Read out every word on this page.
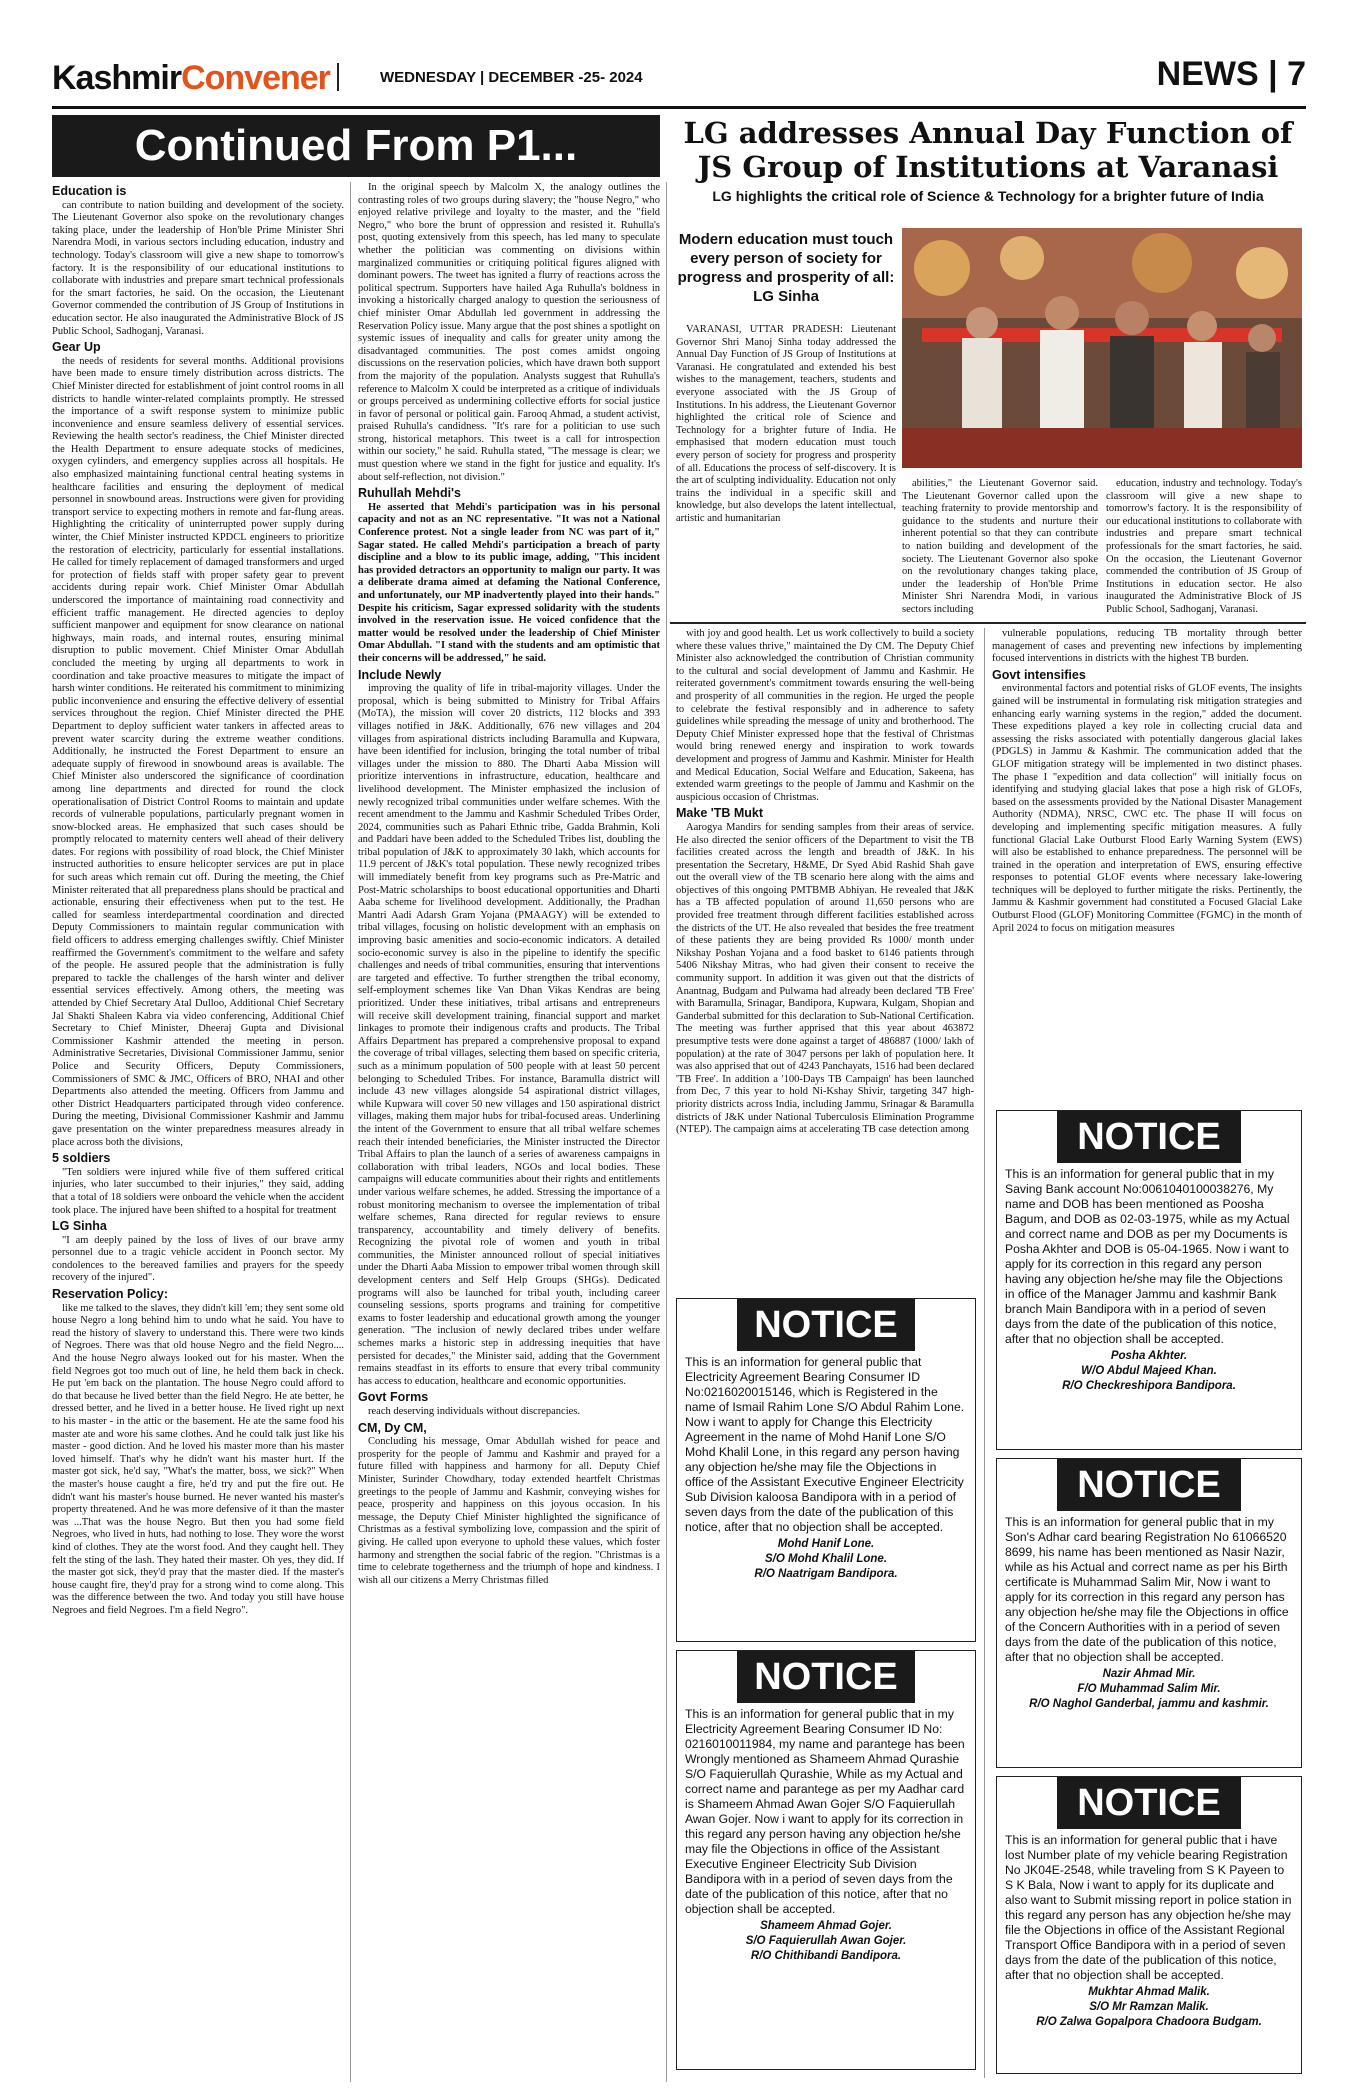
KashmirConvener	WEDNESDAY | DECEMBER -25- 2024	NEWS | 7
Continued From P1...	LG addresses Annual Day Function of JS Group of Institutions at Varanasi
LG highlights the critical role of Science & Technology for a brighter future of India
Education is

can contribute to nation building and development of the society. The Lieutenant Governor also spoke on the revolutionary changes taking place, under the leadership of Hon'ble Prime Minister Shri Narendra Modi, in various sectors including education, industry and technology. Today's classroom will give a new shape to tomorrow's factory. It is the responsibility of our educational institutions to collaborate with industries and prepare smart technical professionals for the smart factories, he said. On the occasion, the Lieutenant Governor commended the contribution of JS Group of Institutions in education sector. He also inaugurated the Administrative Block of JS Public School, Sadhoganj, Varanasi.

Gear Up

the needs of residents for several months. Additional provisions have been made to ensure timely distribution across districts. The Chief Minister directed for establishment of joint control rooms in all districts to handle winter-related complaints promptly. He stressed the importance of a swift response system to minimize public inconvenience and ensure seamless delivery of essential services. Reviewing the health sector's readiness, the Chief Minister directed the Health Department to ensure adequate stocks of medicines, oxygen cylinders, and emergency supplies across all hospitals. He also emphasized maintaining functional central heating systems in healthcare facilities and ensuring the deployment of medical personnel in snowbound areas. Instructions were given for providing transport service to expecting mothers in remote and far-flung areas. Highlighting the criticality of uninterrupted power supply during winter, the Chief Minister instructed KPDCL engineers to prioritize the restoration of electricity, particularly for essential installations. He called for timely replacement of damaged transformers and urged for protection of fields staff with proper safety gear to prevent accidents during repair work. Chief Minister Omar Abdullah underscored the importance of maintaining road connectivity and efficient traffic management. He directed agencies to deploy sufficient manpower and equipment for snow clearance on national highways, main roads, and internal routes, ensuring minimal disruption to public movement. Chief Minister Omar Abdullah concluded the meeting by urging all departments to work in coordination and take proactive measures to mitigate the impact of harsh winter conditions. He reiterated his commitment to minimizing public inconvenience and ensuring the effective delivery of essential services throughout the region. Chief Minister directed the PHE Department to deploy sufficient water tankers in affected areas to prevent water scarcity during the extreme weather conditions. Additionally, he instructed the Forest Department to ensure an adequate supply of firewood in snowbound areas is available. The Chief Minister also underscored the significance of coordination among line departments and directed for round the clock operationalisation of District Control Rooms to maintain and update records of vulnerable populations, particularly pregnant women in snow-blocked areas. He emphasized that such cases should be promptly relocated to maternity centers well ahead of their delivery dates. For regions with possibility of road block, the Chief Minister instructed authorities to ensure helicopter services are put in place for such areas which remain cut off. During the meeting, the Chief Minister reiterated that all preparedness plans should be practical and actionable, ensuring their effectiveness when put to the test. He called for seamless interdepartmental coordination and directed Deputy Commissioners to maintain regular communication with field officers to address emerging challenges swiftly. Chief Minister reaffirmed the Government's commitment to the welfare and safety of the people. He assured people that the administration is fully prepared to tackle the challenges of the harsh winter and deliver essential services effectively. Among others, the meeting was attended by Chief Secretary Atal Dulloo, Additional Chief Secretary Jal Shakti Shaleen Kabra via video conferencing, Additional Chief Secretary to Chief Minister, Dheeraj Gupta and Divisional Commissioner Kashmir attended the meeting in person. Administrative Secretaries, Divisional Commissioner Jammu, senior Police and Security Officers, Deputy Commissioners, Commissioners of SMC & JMC, Officers of BRO, NHAI and other Departments also attended the meeting. Officers from Jammu and other District Headquarters participated through video conference. During the meeting, Divisional Commissioner Kashmir and Jammu gave presentation on the winter preparedness measures already in place across both the divisions,

5 soldiers

"Ten soldiers were injured while five of them suffered critical injuries, who later succumbed to their injuries," they said, adding that a total of 18 soldiers were onboard the vehicle when the accident took place. The injured have been shifted to a hospital for treatment

LG Sinha

"I am deeply pained by the loss of lives of our brave army personnel due to a tragic vehicle accident in Poonch sector. My condolences to the bereaved families and prayers for the speedy recovery of the injured".

Reservation Policy:

like me talked to the slaves, they didn't kill 'em; they sent some old house Negro a long behind him to undo what he said. You have to read the history of slavery to understand this. There were two kinds of Negroes. There was that old house Negro and the field Negro.... And the house Negro always looked out for his master. When the field Negroes got too much out of line, he held them back in check. He put 'em back on the plantation. The house Negro could afford to do that because he lived better than the field Negro. He ate better, he dressed better, and he lived in a better house. He lived right up next to his master - in the attic or the basement. He ate the same food his master ate and wore his same clothes. And he could talk just like his master - good diction. And he loved his master more than his master loved himself. That's why he didn't want his master hurt. If the master got sick, he'd say, "What's the matter, boss, we sick?" When the master's house caught a fire, he'd try and put the fire out. He didn't want his master's house burned. He never wanted his master's property threatened. And he was more defensive of it than the master was ...That was the house Negro. But then you had some field Negroes, who lived in huts, had nothing to lose. They wore the worst kind of clothes. They ate the worst food. And they caught hell. They felt the sting of the lash. They hated their master. Oh yes, they did. If the master got sick, they'd pray that the master died. If the master's house caught fire, they'd pray for a strong wind to come along. This was the difference between the two. And today you still have house Negroes and field Negroes. I'm a field Negro".

In the original speech by Malcolm X, the analogy outlines the contrasting roles of two groups during slavery; the "house Negro," who enjoyed relative privilege and loyalty to the master, and the "field Negro," who bore the brunt of oppression and resisted it. Ruhulla's post, quoting extensively from this speech, has led many to speculate whether the politician was commenting on divisions within marginalized communities or critiquing political figures aligned with dominant powers. The tweet has ignited a flurry of reactions across the political spectrum. Supporters have hailed Aga Ruhulla's boldness in invoking a historically charged analogy to question the seriousness of chief minister Omar Abdullah led government in addressing the Reservation Policy issue. Many argue that the post shines a spotlight on systemic issues of inequality and calls for greater unity among the disadvantaged communities. The post comes amidst ongoing discussions on the reservation policies, which have drawn both support from the majority of the population. Analysts suggest that Ruhulla's reference to Malcolm X could be interpreted as a critique of individuals or groups perceived as undermining collective efforts for social justice in favor of personal or political gain. Farooq Ahmad, a student activist, praised Ruhulla's candidness. "It's rare for a politician to use such strong, historical metaphors. This tweet is a call for introspection within our society," he said. Ruhulla stated, "The message is clear; we must question where we stand in the fight for justice and equality. It's about self-reflection, not division."

Ruhullah Mehdi's

He asserted that Mehdi's participation was in his personal capacity and not as an NC representative. "It was not a National Conference protest. Not a single leader from NC was part of it," Sagar stated. He called Mehdi's participation a breach of party discipline and a blow to its public image, adding, "This incident has provided detractors an opportunity to malign our party. It was a deliberate drama aimed at defaming the National Conference, and unfortunately, our MP inadvertently played into their hands." Despite his criticism, Sagar expressed solidarity with the students involved in the reservation issue. He voiced confidence that the matter would be resolved under the leadership of Chief Minister Omar Abdullah. "I stand with the students and am optimistic that their concerns will be addressed," he said.

Include Newly

improving the quality of life in tribal-majority villages. Under the proposal, which is being submitted to Ministry for Tribal Affairs (MoTA), the mission will cover 20 districts, 112 blocks and 393 villages notified in J&K. Additionally, 676 new villages and 204 villages from aspirational districts including Baramulla and Kupwara, have been identified for inclusion, bringing the total number of tribal villages under the mission to 880. The Dharti Aaba Mission will prioritize interventions in infrastructure, education, healthcare and livelihood development. The Minister emphasized the inclusion of newly recognized tribal communities under welfare schemes. With the recent amendment to the Jammu and Kashmir Scheduled Tribes Order, 2024, communities such as Pahari Ethnic tribe, Gadda Brahmin, Koli and Paddari have been added to the Scheduled Tribes list, doubling the tribal population of J&K to approximately 30 lakh, which accounts for 11.9 percent of J&K's total population. These newly recognized tribes will immediately benefit from key programs such as Pre-Matric and Post-Matric scholarships to boost educational opportunities and Dharti Aaba scheme for livelihood development. Additionally, the Pradhan Mantri Aadi Adarsh Gram Yojana (PMAAGY) will be extended to tribal villages, focusing on holistic development with an emphasis on improving basic amenities and socio-economic indicators. A detailed socio-economic survey is also in the pipeline to identify the specific challenges and needs of tribal communities, ensuring that interventions are targeted and effective. To further strengthen the tribal economy, self-employment schemes like Van Dhan Vikas Kendras are being prioritized. Under these initiatives, tribal artisans and entrepreneurs will receive skill development training, financial support and market linkages to promote their indigenous crafts and products. The Tribal Affairs Department has prepared a comprehensive proposal to expand the coverage of tribal villages, selecting them based on specific criteria, such as a minimum population of 500 people with at least 50 percent belonging to Scheduled Tribes. For instance, Baramulla district will include 43 new villages alongside 54 aspirational district villages, while Kupwara will cover 50 new villages and 150 aspirational district villages, making them major hubs for tribal-focused areas. Underlining the intent of the Government to ensure that all tribal welfare schemes reach their intended beneficiaries, the Minister instructed the Director Tribal Affairs to plan the launch of a series of awareness campaigns in collaboration with tribal leaders, NGOs and local bodies. These campaigns will educate communities about their rights and entitlements under various welfare schemes, he added. Stressing the importance of a robust monitoring mechanism to oversee the implementation of tribal welfare schemes, Rana directed for regular reviews to ensure transparency, accountability and timely delivery of benefits. Recognizing the pivotal role of women and youth in tribal communities, the Minister announced rollout of special initiatives under the Dharti Aaba Mission to empower tribal women through skill development centers and Self Help Groups (SHGs). Dedicated programs will also be launched for tribal youth, including career counseling sessions, sports programs and training for competitive exams to foster leadership and educational growth among the younger generation. "The inclusion of newly declared tribes under welfare schemes marks a historic step in addressing inequities that have persisted for decades," the Minister said, adding that the Government remains steadfast in its efforts to ensure that every tribal community has access to education, healthcare and economic opportunities.

Govt Forms

reach deserving individuals without discrepancies.

CM, Dy CM,

Concluding his message, Omar Abdullah wished for peace and prosperity for the people of Jammu and Kashmir and prayed for a future filled with happiness and harmony for all. Deputy Chief Minister, Surinder Chowdhary, today extended heartfelt Christmas greetings to the people of Jammu and Kashmir, conveying wishes for peace, prosperity and happiness on this joyous occasion. In his message, the Deputy Chief Minister highlighted the significance of Christmas as a festival symbolizing love, compassion and the spirit of giving. He called upon everyone to uphold these values, which foster harmony and strengthen the social fabric of the region. "Christmas is a time to celebrate togetherness and the triumph of hope and kindness. I wish all our citizens a Merry Christmas filled

Modern education must touch every person of society for progress and prosperity of all: LG Sinha

VARANASI, UTTAR PRADESH: Lieutenant Governor Shri Manoj Sinha today addressed the Annual Day Function of JS Group of Institutions at Varanasi. He congratulated and extended his best wishes to the management, teachers, students and everyone associated with the JS Group of Institutions. In his address, the Lieutenant Governor highlighted the critical role of Science and Technology for a brighter future of India. He emphasised that modern education must touch every person of society for progress and prosperity of all. Educations the process of self-discovery. It is the art of sculpting individuality. Education not only trains the individual in a specific skill and knowledge, but also develops the latent intellectual, artistic and humanitarian

abilities," the Lieutenant Governor said. The Lieutenant Governor called upon the teaching fraternity to provide mentorship and guidance to the students and nurture their inherent potential so that they can contribute to nation building and development of the society. The Lieutenant Governor also spoke on the revolutionary changes taking place, under the leadership of Hon'ble Prime Minister Shri Narendra Modi, in various sectors including

education, industry and technology. Today's classroom will give a new shape to tomorrow's factory. It is the responsibility of our educational institutions to collaborate with industries and prepare smart technical professionals for the smart factories, he said. On the occasion, the Lieutenant Governor commended the contribution of JS Group of Institutions in education sector. He also inaugurated the Administrative Block of JS Public School, Sadhoganj, Varanasi.

with joy and good health. Let us work collectively to build a society where these values thrive," maintained the Dy CM. The Deputy Chief Minister also acknowledged the contribution of Christian community to the cultural and social development of Jammu and Kashmir. He reiterated government's commitment towards ensuring the well-being and prosperity of all communities in the region. He urged the people to celebrate the festival responsibly and in adherence to safety guidelines while spreading the message of unity and brotherhood. The Deputy Chief Minister expressed hope that the festival of Christmas would bring renewed energy and inspiration to work towards development and progress of Jammu and Kashmir. Minister for Health and Medical Education, Social Welfare and Education, Sakeena, has extended warm greetings to the people of Jammu and Kashmir on the auspicious occasion of Christmas.

Make 'TB Mukt

Aarogya Mandirs for sending samples from their areas of service. He also directed the senior officers of the Department to visit the TB facilities created across the length and breadth of J&K. In his presentation the Secretary, H&ME, Dr Syed Abid Rashid Shah gave out the overall view of the TB scenario here along with the aims and objectives of this ongoing PMTBMB Abhiyan. He revealed that J&K has a TB affected population of around 11,650 persons who are provided free treatment through different facilities established across the districts of the UT. He also revealed that besides the free treatment of these patients they are being provided Rs 1000/ month under Nikshay Poshan Yojana and a food basket to 6146 patients through 5406 Nikshay Mitras, who had given their consent to receive the community support. In addition it was given out that the districts of Anantnag, Budgam and Pulwama had already been declared 'TB Free' with Baramulla, Srinagar, Bandipora, Kupwara, Kulgam, Shopian and Ganderbal submitted for this declaration to Sub-National Certification. The meeting was further apprised that this year about 463872 presumptive tests were done against a target of 486887 (1000/ lakh of population) at the rate of 3047 persons per lakh of population here. It was also apprised that out of 4243 Panchayats, 1516 had been declared 'TB Free'. In addition a '100-Days TB Campaign' has been launched from Dec, 7 this year to hold Ni-Kshay Shivir, targeting 347 high-priority districts across India, including Jammu, Srinagar & Baramulla districts of J&K under National Tuberculosis Elimination Programme (NTEP). The campaign aims at accelerating TB case detection among

vulnerable populations, reducing TB mortality through better management of cases and preventing new infections by implementing focused interventions in districts with the highest TB burden.

Govt intensifies

environmental factors and potential risks of GLOF events, The insights gained will be instrumental in formulating risk mitigation strategies and enhancing early warning systems in the region," added the document. These expeditions played a key role in collecting crucial data and assessing the risks associated with potentially dangerous glacial lakes (PDGLS) in Jammu & Kashmir. The communication added that the GLOF mitigation strategy will be implemented in two distinct phases. The phase I "expedition and data collection" will initially focus on identifying and studying glacial lakes that pose a high risk of GLOFs, based on the assessments provided by the National Disaster Management Authority (NDMA), NRSC, CWC etc. The phase II will focus on developing and implementing specific mitigation measures. A fully functional Glacial Lake Outburst Flood Early Warning System (EWS) will also be established to enhance preparedness. The personnel will be trained in the operation and interpretation of EWS, ensuring effective responses to potential GLOF events where necessary lake-lowering techniques will be deployed to further mitigate the risks. Pertinently, the Jammu & Kashmir government had constituted a Focused Glacial Lake Outburst Flood (GLOF) Monitoring Committee (FGMC) in the month of April 2024 to focus on mitigation measures

NOTICE
This is an information for general public that in my Saving Bank account No:0061040100038276, My name and DOB has been mentioned as Poosha Bagum, and DOB as 02-03-1975, while as my Actual and correct name and DOB as per my Documents is Posha Akhter and DOB is 05-04-1965. Now i want to apply for its correction in this regard any person having any objection he/she may file the Objections in office of the Manager Jammu and kashmir Bank branch Main Bandipora with in a period of seven days from the date of the publication of this notice, after that no objection shall be accepted.
Posha Akhter.
W/O Abdul Majeed Khan.
R/O Checkreshipora Bandipora.
NOTICE
This is an information for general public that in my Son's Adhar card bearing Registration No 61066520 8699, his name has been mentioned as Nasir Nazir, while as his Actual and correct name as per his Birth certificate is Muhammad Salim Mir, Now i want to apply for its correction in this regard any person has any objection he/she may file the Objections in office of the Concern Authorities with in a period of seven days from the date of the publication of this notice, after that no objection shall be accepted.
Nazir Ahmad Mir.
F/O Muhammad Salim Mir.
R/O Naghol Ganderbal, jammu and kashmir.
NOTICE
This is an information for general public that Electricity Agreement Bearing Consumer ID No:0216020015146, which is Registered in the name of Ismail Rahim Lone S/O Abdul Rahim Lone. Now i want to apply for Change this Electricity Agreement in the name of Mohd Hanif Lone S/O Mohd Khalil Lone, in this regard any person having any objection he/she may file the Objections in office of the Assistant Executive Engineer Electricity Sub Division kaloosa Bandipora with in a period of seven days from the date of the publication of this notice, after that no objection shall be accepted.
Mohd Hanif Lone.
S/O Mohd Khalil Lone.
R/O Naatrigam Bandipora.
NOTICE
This is an information for general public that in my Electricity Agreement Bearing Consumer ID No: 0216010011984, my name and parantege has been Wrongly mentioned as Shameem Ahmad Qurashie S/O Faquierullah Qurashie, While as my Actual and correct name and parantege as per my Aadhar card is Shameem Ahmad Awan Gojer S/O Faquierullah Awan Gojer. Now i want to apply for its correction in this regard any person having any objection he/she may file the Objections in office of the Assistant Executive Engineer Electricity Sub Division Bandipora with in a period of seven days from the date of the publication of this notice, after that no objection shall be accepted.
Shameem Ahmad Gojer.
S/O Faquierullah Awan Gojer.
R/O Chithibandi Bandipora.
NOTICE
This is an information for general public that i have lost Number plate of my vehicle bearing Registration No JK04E-2548, while traveling from S K Payeen to S K Bala, Now i want to apply for its duplicate and also want to Submit missing report in police station in this regard any person has any objection he/she may file the Objections in office of the Assistant Regional Transport Office Bandipora with in a period of seven days from the date of the publication of this notice, after that no objection shall be accepted.
Mukhtar Ahmad Malik.
S/O Mr Ramzan Malik.
R/O Zalwa Gopalpora Chadoora Budgam.
